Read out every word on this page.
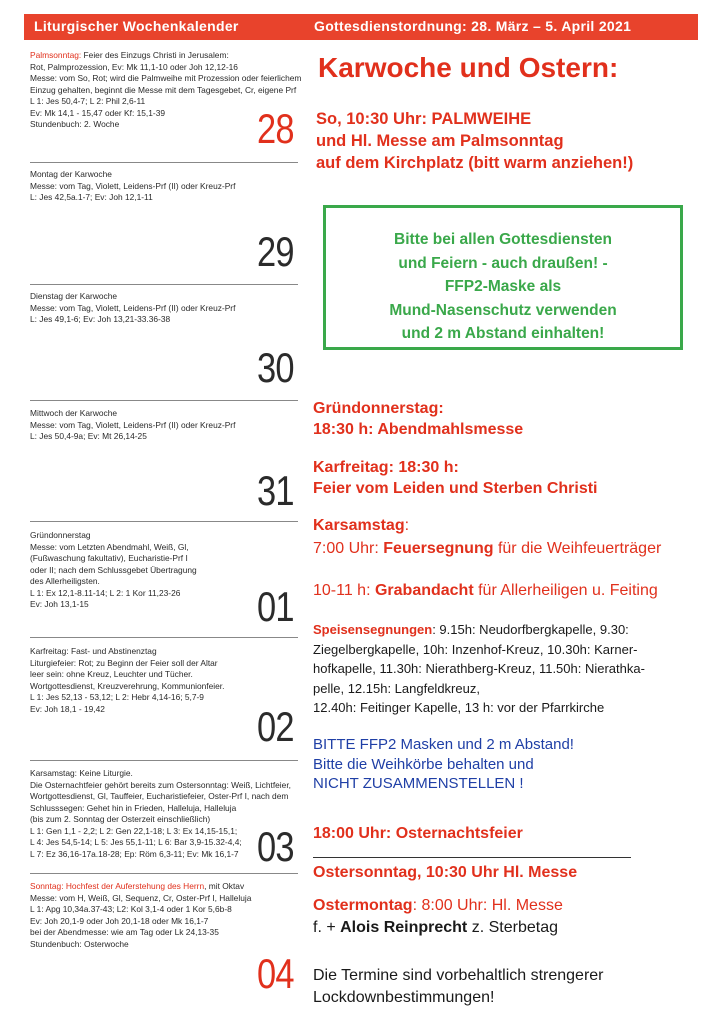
Liturgischer Wochenkalender	Gottesdienstordnung: 28. März – 5. April 2021
Palmsonntag: Feier des Einzugs Christi in Jerusalem:
Rot, Palmprozession, Ev: Mk 11,1-10 oder Joh 12,12-16
Messe: vom So, Rot; wird die Palmweihe mit Prozession oder feierlichem
Einzug gehalten, beginnt die Messe mit dem Tagesgebet, Cr, eigene Prf
L 1: Jes 50,4-7; L 2: Phil 2,6-11
Ev: Mk 14,1 - 15,47 oder Kf: 15,1-39
Stundenbuch: 2. Woche	28
Montag der Karwoche
Messe: vom Tag, Violett, Leidens-Prf (II) oder Kreuz-Prf
L: Jes 42,5a.1-7; Ev: Joh 12,1-11
29
Dienstag der Karwoche
Messe: vom Tag, Violett, Leidens-Prf (II) oder Kreuz-Prf
L: Jes 49,1-6; Ev: Joh 13,21-33.36-38
30
Mittwoch der Karwoche
Messe: vom Tag, Violett, Leidens-Prf (II) oder Kreuz-Prf
L: Jes 50,4-9a; Ev: Mt 26,14-25
31
Gründonnerstag
Messe: vom Letzten Abendmahl, Weiß, Gl,
(Fußwaschung fakultativ), Eucharistie-Prf I
oder II; nach dem Schlussgebet Übertragung
des Allerheiligsten.
L 1: Ex 12,1-8.11-14; L 2: 1 Kor 11,23-26
Ev: Joh 13,1-15	01
Karfreitag: Fast- und Abstinenztag
Liturgiefeier: Rot; zu Beginn der Feier soll der Altar
leer sein: ohne Kreuz, Leuchter und Tücher.
Wortgottesdienst, Kreuzverehrung, Kommunionfeier.
L 1: Jes 52,13 - 53,12; L 2: Hebr 4,14-16; 5,7-9
Ev: Joh 18,1 - 19,42	02
Karsamstag: Keine Liturgie.
Die Osternachtfeier gehört bereits zum Ostersonntag: Weiß, Lichtfeier,
Wortgottesdienst, Gl, Tauffeier, Eucharistiefeier, Oster-Prf I, nach dem
Schlusssegen: Gehet hin in Frieden, Halleluja, Halleluja
(bis zum 2. Sonntag der Osterzeit einschließlich)
L 1: Gen 1,1 - 2,2; L 2: Gen 22,1-18; L 3: Ex 14,15-15,1;
L 4: Jes 54,5-14; L 5: Jes 55,1-11; L 6: Bar 3,9-15.32-4,4;
L 7: Ez 36,16-17a.18-28; Ep: Röm 6,3-11; Ev: Mk 16,1-7 03
Sonntag: Hochfest der Auferstehung des Herrn, mit Oktav
Messe: vom H, Weiß, Gl, Sequenz, Cr, Oster-Prf I, Halleluja
L 1: Apg 10,34a.37-43; L2: Kol 3,1-4 oder 1 Kor 5,6b-8
Ev: Joh 20,1-9 oder Joh 20,1-18 oder Mk 16,1-7
bei der Abendmesse: wie am Tag oder Lk 24,13-35
Stundenbuch: Osterwoche
04
Karwoche und Ostern:
So, 10:30 Uhr: PALMWEIHE
und Hl. Messe am Palmsonntag
auf dem Kirchplatz (bitt warm anziehen!)
Bitte bei allen Gottesdiensten
und Feiern - auch draußen! -
FFP2-Maske als
Mund-Nasenschutz verwenden
und 2 m Abstand einhalten!
Gründonnerstag:
18:30 h: Abendmahlsmesse
Karfreitag: 18:30 h:
Feier vom Leiden und Sterben Christi
Karsamstag:
7:00 Uhr: Feuersegnung für die Weihfeuerträger
10-11 h: Grabandacht für Allerheiligen u. Feiting
Speisensegnungen: 9.15h: Neudorfbergkapelle, 9.30:
Ziegelbergkapelle, 10h: Inzenhof-Kreuz, 10.30h: Karner-
hofkapelle, 11.30h: Nierathberg-Kreuz, 11.50h: Nierathka-
pelle, 12.15h: Langfeldkreuz,
12.40h: Feitinger Kapelle, 13 h: vor der Pfarrkirche
BITTE FFP2 Masken und 2 m Abstand!
Bitte die Weihkörbe behalten und
NICHT ZUSAMMENSTELLEN !
18:00 Uhr: Osternachtsfeier
Ostersonntag, 10:30 Uhr Hl. Messe
Ostermontag: 8:00 Uhr: Hl. Messe
f. + Alois Reinprecht z. Sterbetag
Die Termine sind vorbehaltlich strengerer
Lockdownbestimmungen!
